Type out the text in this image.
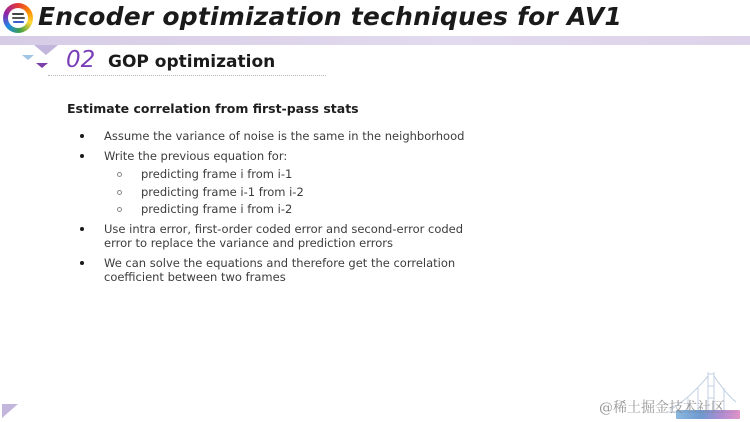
Encoder optimization techniques for AV1
02 GOP optimization
Estimate correlation from first-pass stats
Assume the variance of noise is the same in the neighborhood
Write the previous equation for:
predicting frame i from i-1
predicting frame i-1 from i-2
predicting frame i from i-2
Use intra error, first-order coded error and second-error coded error to replace the variance and prediction errors
We can solve the equations and therefore get the correlation coefficient between two frames
@稀土掘金技术社区
